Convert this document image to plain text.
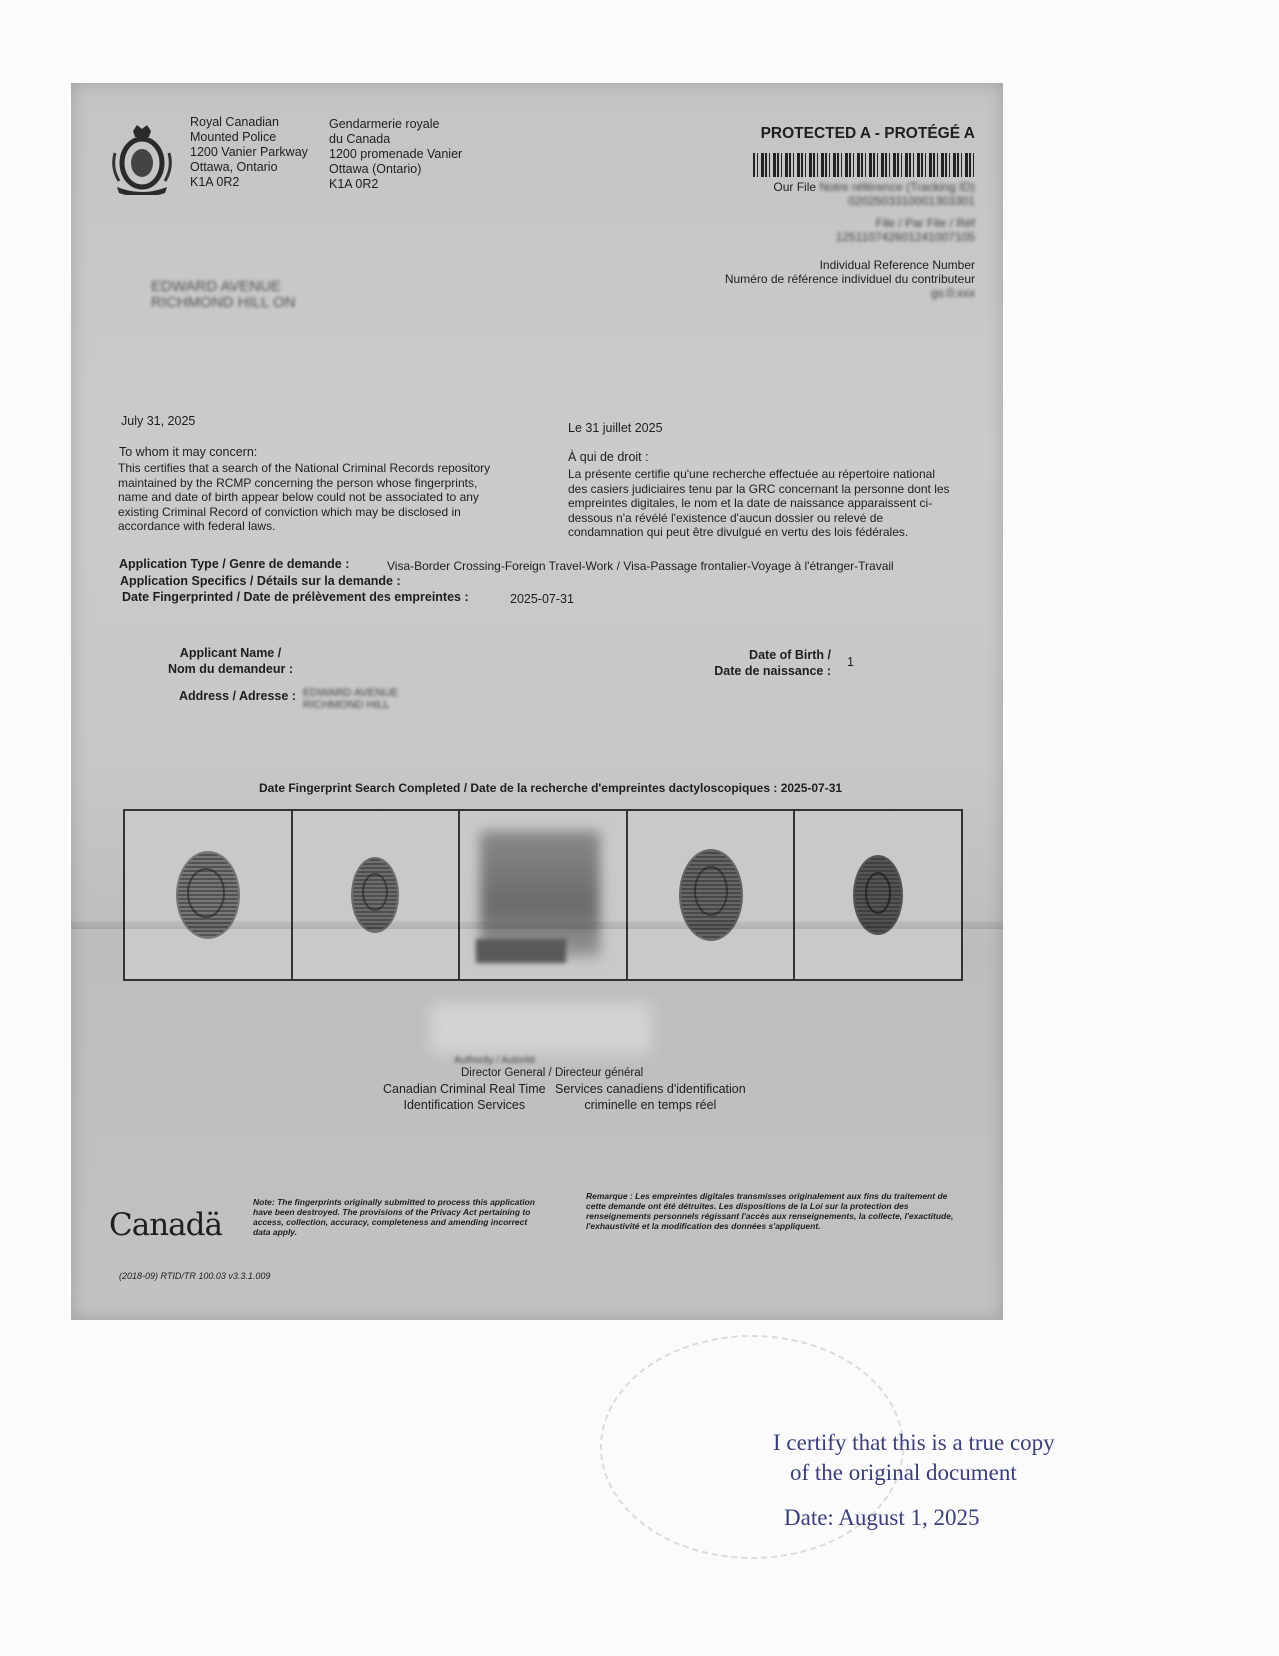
Royal Canadian
Mounted Police
1200 Vanier Parkway
Ottawa, Ontario
K1A 0R2
Gendarmerie royale
du Canada
1200 promenade Vanier
Ottawa (Ontario)
K1A 0R2
PROTECTED A - PROTÉGÉ A
Our File Notre référence (Tracking ID)
0202503310001303301
File / Par File / Réf
125110742601241007105
Individual Reference Number
Numéro de référence individuel du contributeur
gs:0:xxx
EDWARD AVENUE
RICHMOND HILL ON
July 31, 2025	Le 31 juillet 2025
To whom it may concern:	À qui de droit :
This certifies that a search of the National Criminal Records repository maintained by the RCMP concerning the person whose fingerprints, name and date of birth appear below could not be associated to any existing Criminal Record of conviction which may be disclosed in accordance with federal laws.
La présente certifie qu'une recherche effectuée au répertoire national des casiers judiciaires tenu par la GRC concernant la personne dont les empreintes digitales, le nom et la date de naissance apparaissent ci-dessous n'a révélé l'existence d'aucun dossier ou relevé de condamnation qui peut être divulgué en vertu des lois fédérales.
Application Type / Genre de demande :	Visa-Border Crossing-Foreign Travel-Work / Visa-Passage frontalier-Voyage à l'étranger-Travail
Application Specifics / Détails sur la demande :
Date Fingerprinted / Date de prélèvement des empreintes :	2025-07-31
Applicant Name /
Nom du demandeur :
Date of Birth /
Date de naissance :
1
Address / Adresse : EDWARD AVENUE
RICHMOND HILL
Date Fingerprint Search Completed / Date de la recherche d'empreintes dactyloscopiques : 2025-07-31
Authority / Autorité
Director General / Directeur général
Canadian Criminal Real Time
Identification Services
Services canadiens d'identification
criminelle en temps réel
Note: The fingerprints originally submitted to process this application have been destroyed. The provisions of the Privacy Act pertaining to access, collection, accuracy, completeness and amending incorrect data apply.
Remarque : Les empreintes digitales transmisses originalement aux fins du traitement de cette demande ont été détruites. Les dispositions de la Loi sur la protection des renseignements personnels régissant l'accès aux renseignements, la collecte, l'exactitude, l'exhaustivité et la modification des données s'appliquent.
Canadä
(2018-09) RTID/TR 100.03 v3.3.1.009
I certify that this is a true copy
of the original document
Date: August 1, 2025
